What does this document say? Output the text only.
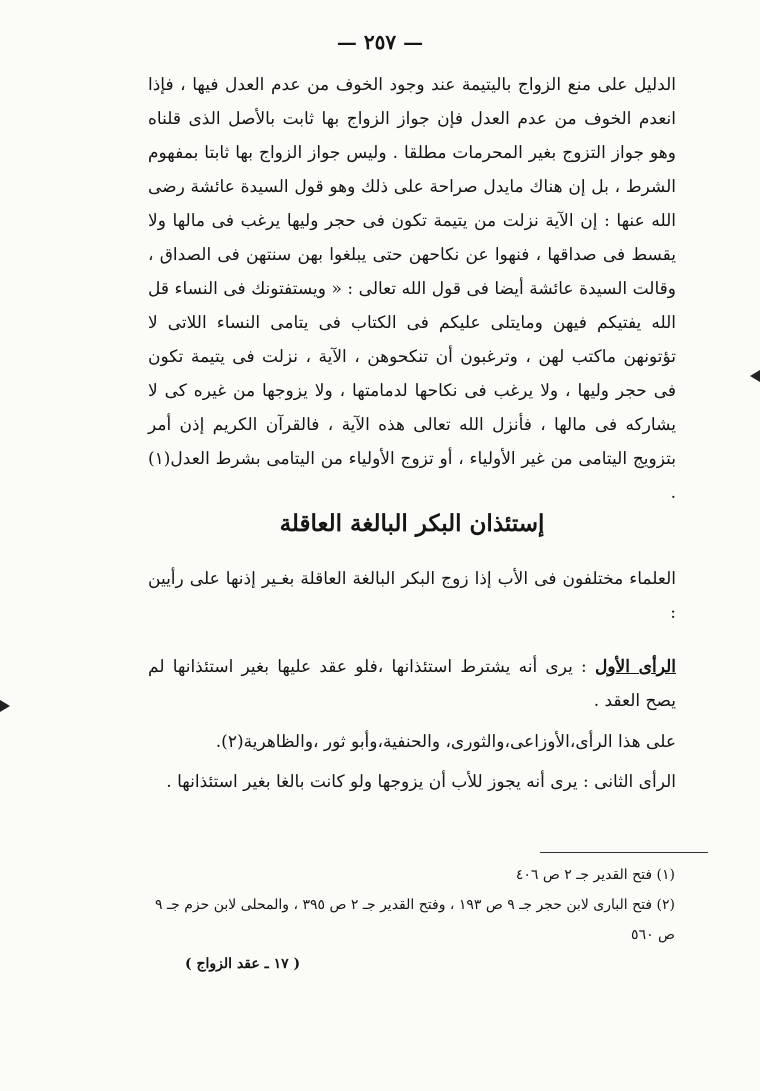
— ٢٥٧ —
الدليل على منع الزواج باليتيمة عند وجود الخوف من عدم العدل فيها ، فإذا انعدم الخوف من عدم العدل فإن جواز الزواج بها ثابت بالأصل الذى قلناه وهو جواز التزوج بغير المحرمات مطلقا . وليس جواز الزواج بها ثابتا بمفهوم الشرط ، بل إن هناك مايدل صراحة على ذلك وهو قول السيدة عائشة رضى الله عنها : إن الآية نزلت من يتيمة تكون فى حجر وليها يرغب فى مالها ولا يقسط فى صداقها ، فنهوا عن نكاحهن حتى يبلغوا بهن سنتهن فى الصداق ، وقالت السيدة عائشة أيضا فى قول الله تعالى : « ويستفتونك فى النساء قل الله يفتيكم فيهن ومايتلى عليكم فى الكتاب فى يتامى النساء اللاتى لا تؤتونهن ماكتب لهن ، وترغبون أن تنكحوهن ، الآية ، نزلت فى يتيمة تكون فى حجر وليها ، ولا يرغب فى نكاحها لدمامتها ، ولا يزوجها من غيره كى لا يشاركه فى مالها ، فأنزل الله تعالى هذه الآية ، فالقرآن الكريم إذن أمر بتزويج اليتامى من غير الأولياء ، أو تزوج الأولياء من اليتامى بشرط العدل(١) .
إستئذان البكر البالغة العاقلة
العلماء مختلفون فى الأب إذا زوج البكر البالغة العاقلة بغـير إذنها على رأيين :
الرأى الأول : يرى أنه يشترط استئذانها ،فلو عقد عليها بغير استئذانها لم يصح العقد .
على هذا الرأى،الأوزاعى،والثورى، والحنفية،وأبو ثور ،والظاهرية(٢).
الرأى الثانى : يرى أنه يجوز للأب أن يزوجها ولو كانت بالغا بغير استئذانها .
(١) فتح القدير جـ ٢ ص ٤٠٦
(٢) فتح البارى لابن حجر جـ ٩ ص ١٩٣ ، وفتح القدير جـ ٢ ص ٣٩٥ ، والمحلى لابن حزم جـ ٩ ص ٥٦٠
( ١٧ ـ عقد الزواج )
